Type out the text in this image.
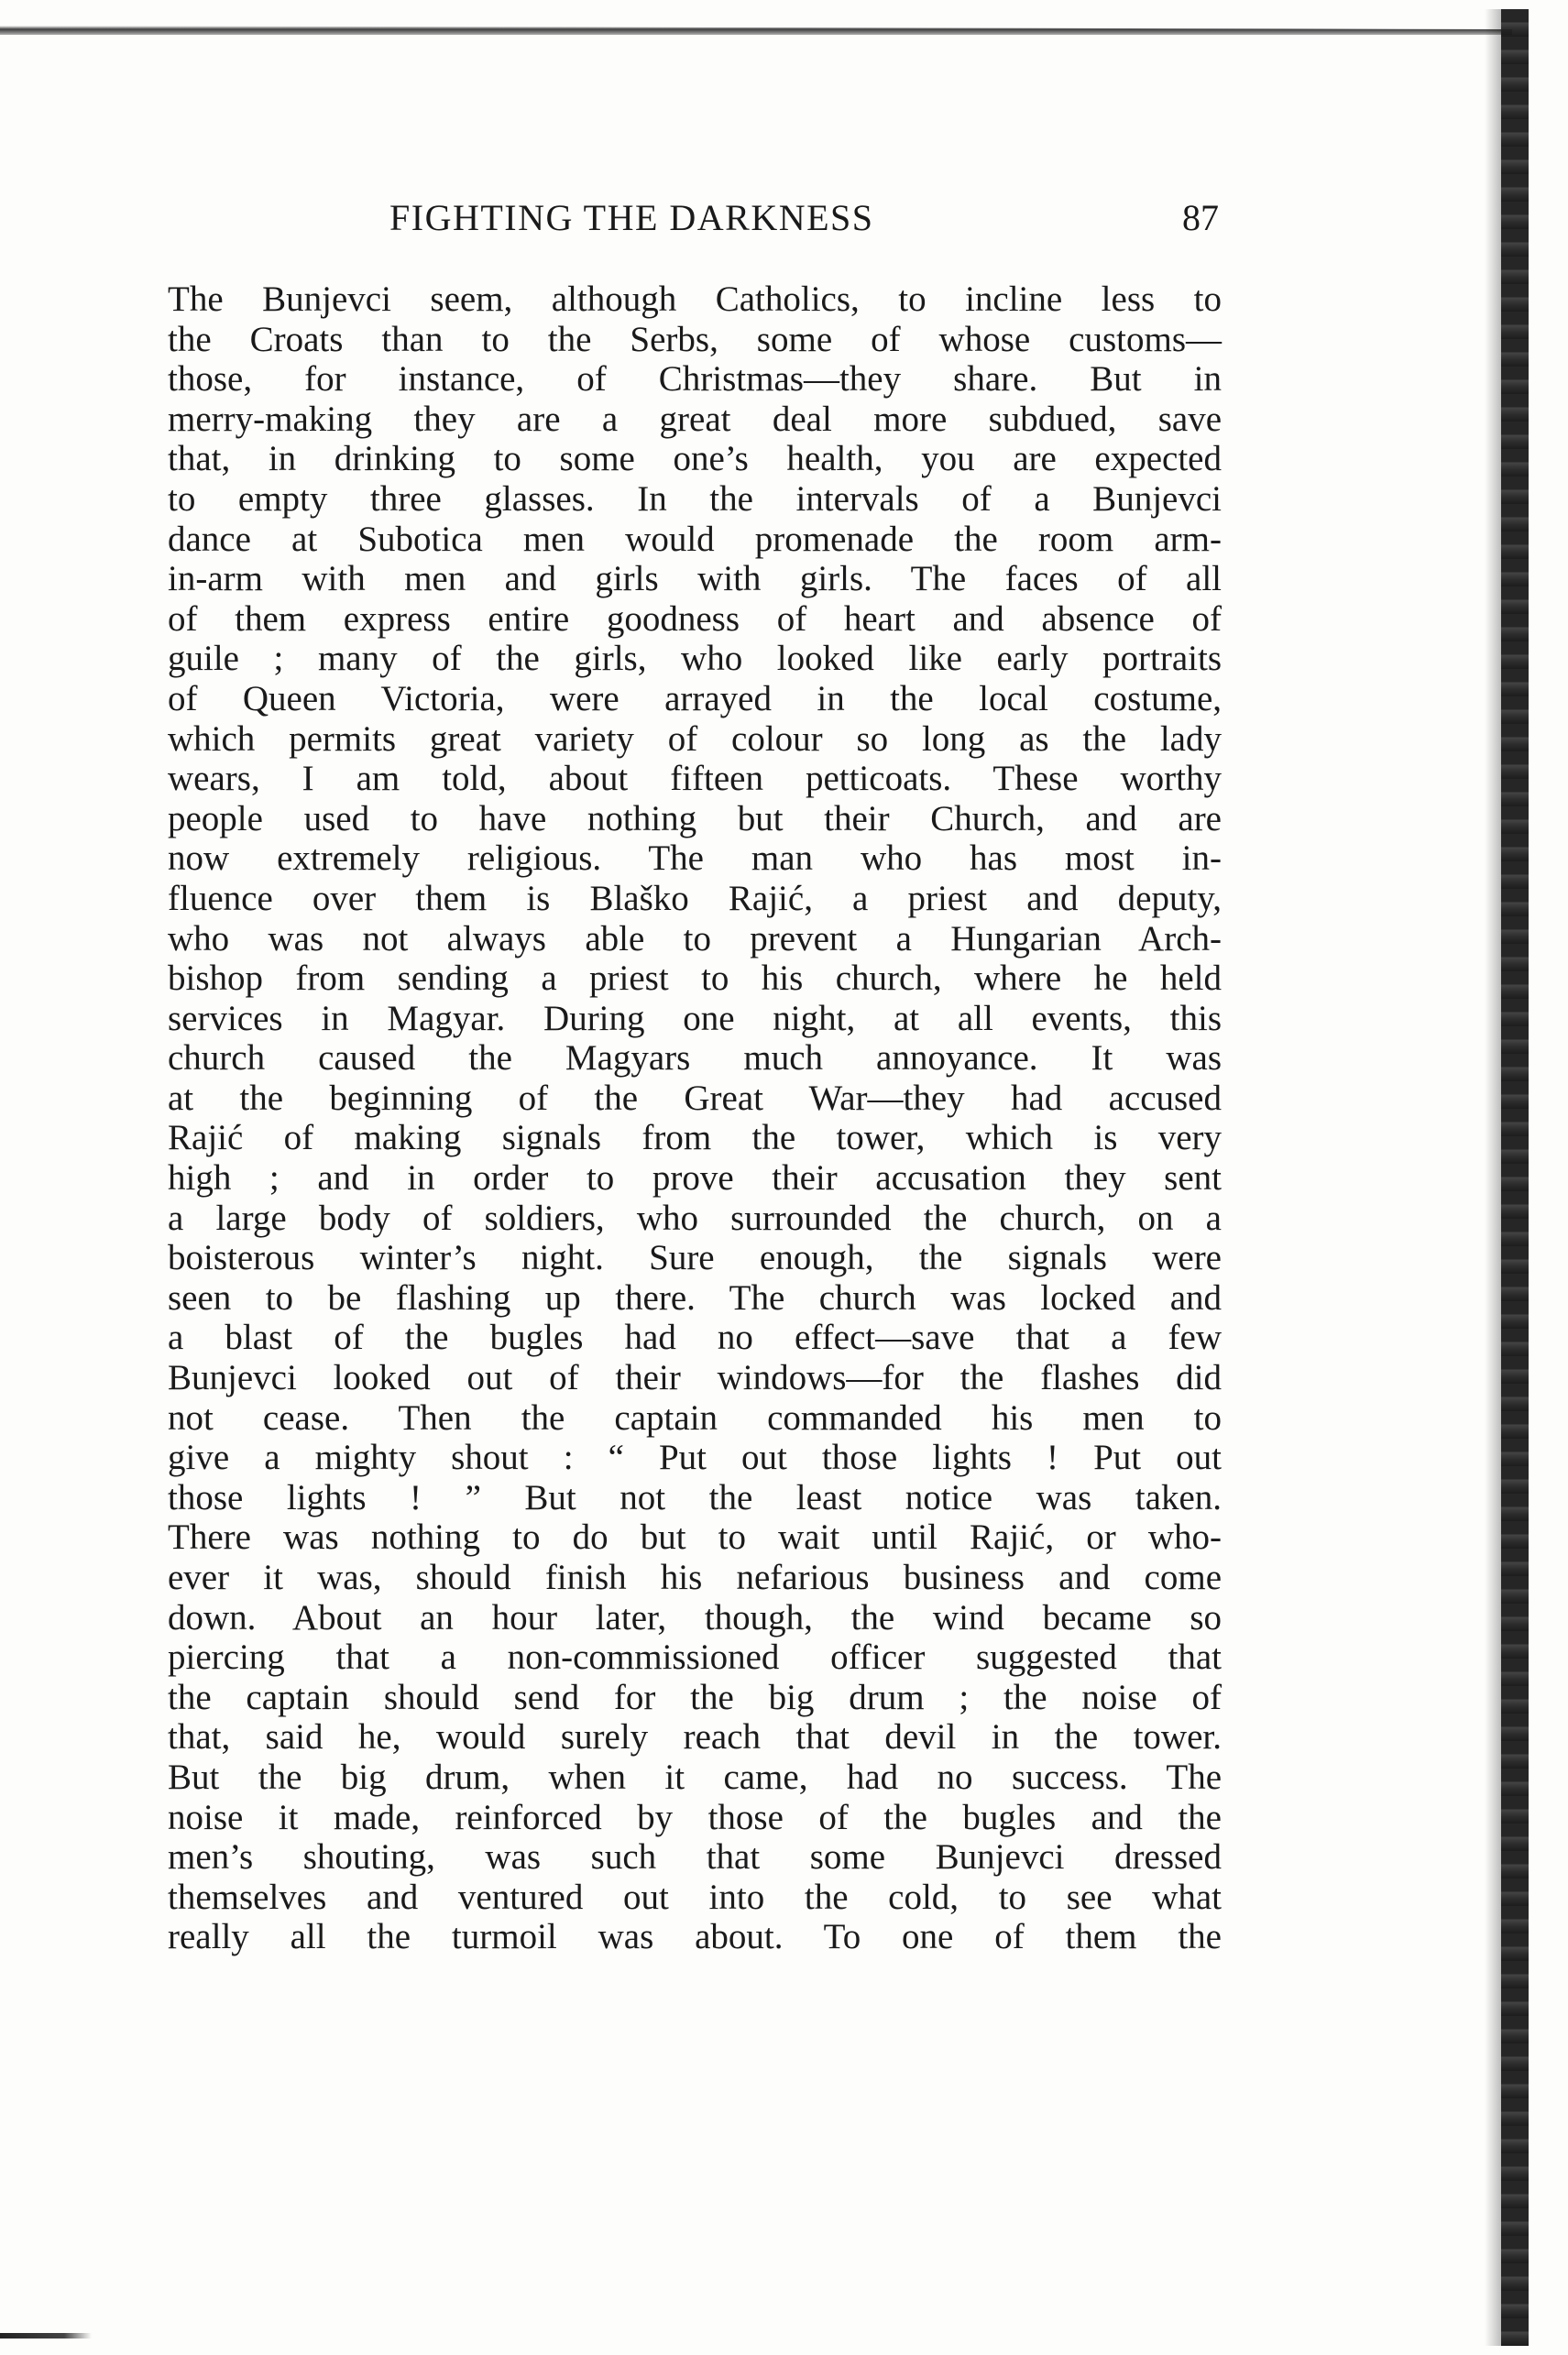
FIGHTING THE DARKNESS	87
The Bunjevci seem, although Catholics, to incline less to
the Croats than to the Serbs, some of whose customs—
those, for instance, of Christmas—they share. But in
merry-making they are a great deal more subdued, save
that, in drinking to some one’s health, you are expected
to empty three glasses. In the intervals of a Bunjevci
dance at Subotica men would promenade the room arm-
in-arm with men and girls with girls. The faces of all
of them express entire goodness of heart and absence of
guile ; many of the girls, who looked like early portraits
of Queen Victoria, were arrayed in the local costume,
which permits great variety of colour so long as the lady
wears, I am told, about fifteen petticoats. These worthy
people used to have nothing but their Church, and are
now extremely religious. The man who has most in-
fluence over them is Blaško Rajić, a priest and deputy,
who was not always able to prevent a Hungarian Arch-
bishop from sending a priest to his church, where he held
services in Magyar. During one night, at all events, this
church caused the Magyars much annoyance. It was
at the beginning of the Great War—they had accused
Rajić of making signals from the tower, which is very
high ; and in order to prove their accusation they sent
a large body of soldiers, who surrounded the church, on a
boisterous winter’s night. Sure enough, the signals were
seen to be flashing up there. The church was locked and
a blast of the bugles had no effect—save that a few
Bunjevci looked out of their windows—for the flashes did
not cease. Then the captain commanded his men to
give a mighty shout : “ Put out those lights ! Put out
those lights ! ” But not the least notice was taken.
There was nothing to do but to wait until Rajić, or who-
ever it was, should finish his nefarious business and come
down. About an hour later, though, the wind became so
piercing that a non-commissioned officer suggested that
the captain should send for the big drum ; the noise of
that, said he, would surely reach that devil in the tower.
But the big drum, when it came, had no success. The
noise it made, reinforced by those of the bugles and the
men’s shouting, was such that some Bunjevci dressed
themselves and ventured out into the cold, to see what
really all the turmoil was about. To one of them the
